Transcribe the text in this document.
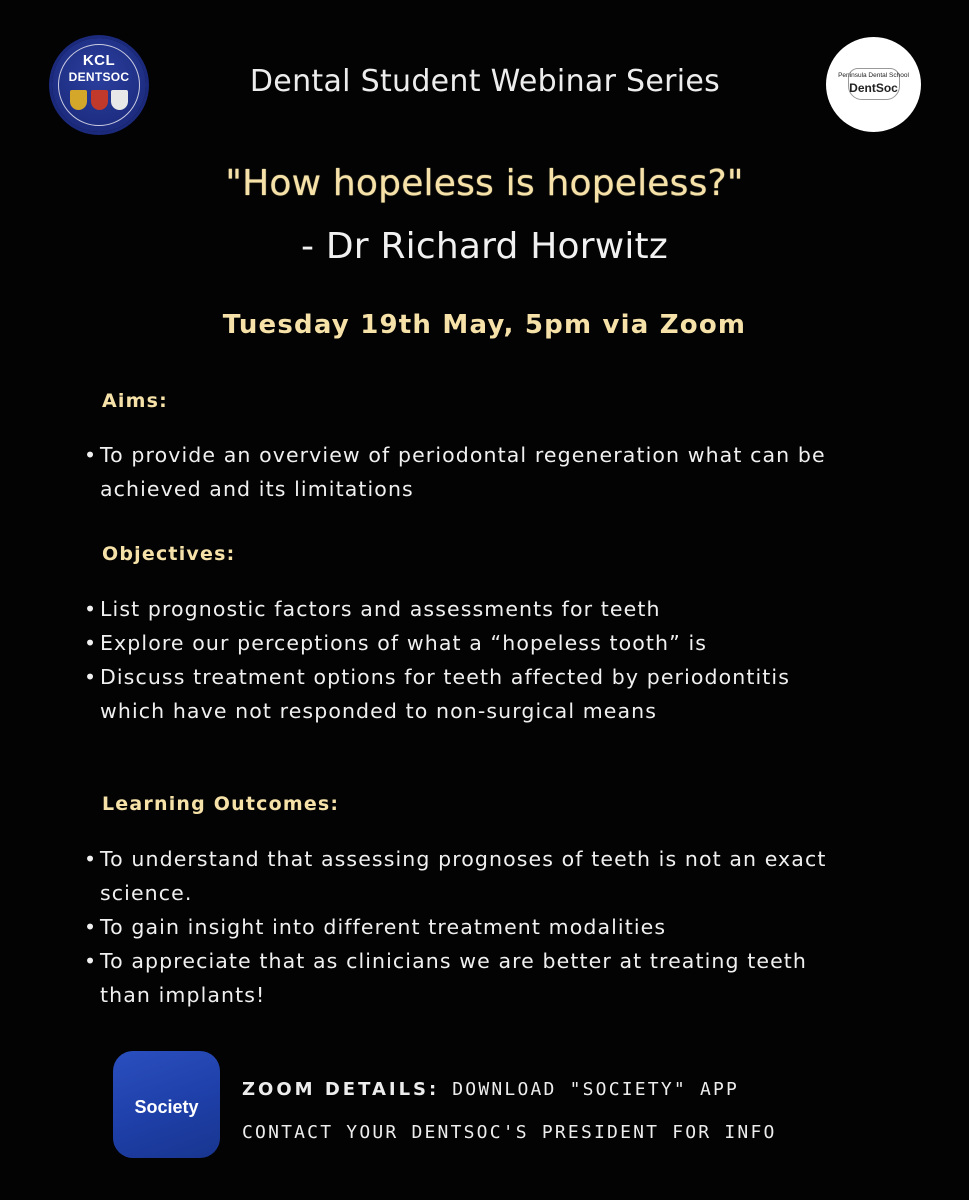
KCL
DENTSOC	Dental Student Webinar Series	Peninsula Dental School
DentSoc
"How hopeless is hopeless?"
- Dr Richard Horwitz
Tuesday 19th May, 5pm via Zoom
Aims:
• To provide an overview of periodontal regeneration what can be achieved and its limitations
Objectives:
• List prognostic factors and assessments for teeth
• Explore our perceptions of what a “hopeless tooth” is
• Discuss treatment options for teeth affected by periodontitis which have not responded to non-surgical means
Learning Outcomes:
• To understand that assessing prognoses of teeth is not an exact science.
• To gain insight into different treatment modalities
• To appreciate that as clinicians we are better at treating teeth than implants!
Society
ZOOM DETAILS: DOWNLOAD "SOCIETY" APP
CONTACT YOUR DENTSOC'S PRESIDENT FOR INFO
